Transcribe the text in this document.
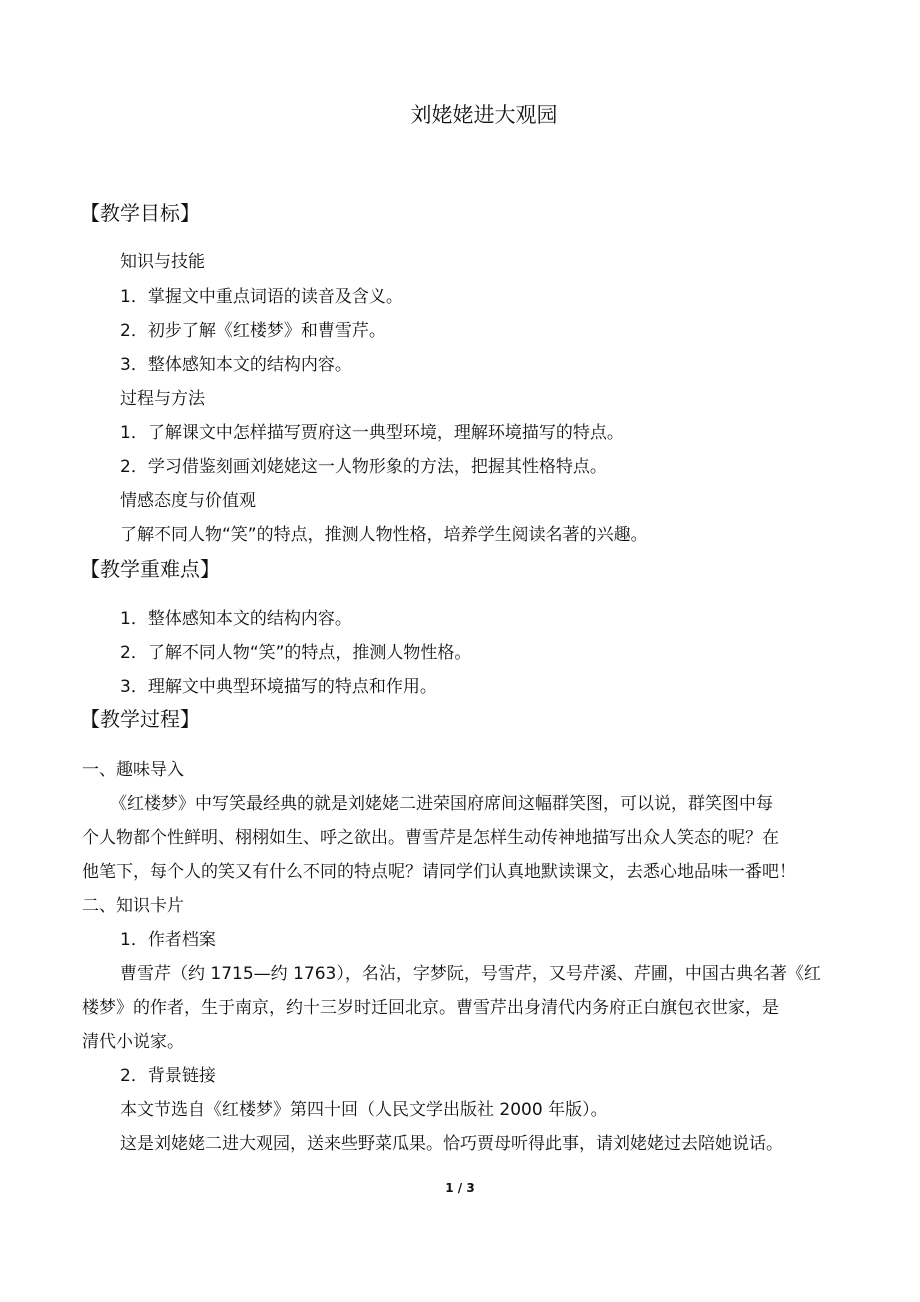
刘姥姥进大观园
【教学目标】
知识与技能
1．掌握文中重点词语的读音及含义。
2．初步了解《红楼梦》和曹雪芹。
3．整体感知本文的结构内容。
过程与方法
1．了解课文中怎样描写贾府这一典型环境，理解环境描写的特点。
2．学习借鉴刻画刘姥姥这一人物形象的方法，把握其性格特点。
情感态度与价值观
了解不同人物“笑”的特点，推测人物性格，培养学生阅读名著的兴趣。
【教学重难点】
1．整体感知本文的结构内容。
2．了解不同人物“笑”的特点，推测人物性格。
3．理解文中典型环境描写的特点和作用。
【教学过程】
一、趣味导入
《红楼梦》中写笑最经典的就是刘姥姥二进荣国府席间这幅群笑图，可以说，群笑图中每
个人物都个性鲜明、栩栩如生、呼之欲出。曹雪芹是怎样生动传神地描写出众人笑态的呢？在
他笔下，每个人的笑又有什么不同的特点呢？请同学们认真地默读课文，去悉心地品味一番吧！
二、知识卡片
1．作者档案
曹雪芹（约 1715—约 1763），名沾，字梦阮，号雪芹，又号芹溪、芹圃，中国古典名著《红
楼梦》的作者，生于南京，约十三岁时迁回北京。曹雪芹出身清代内务府正白旗包衣世家，是
清代小说家。
2．背景链接
本文节选自《红楼梦》第四十回（人民文学出版社 2000 年版）。
这是刘姥姥二进大观园，送来些野菜瓜果。恰巧贾母听得此事，请刘姥姥过去陪她说话。
1 / 3
